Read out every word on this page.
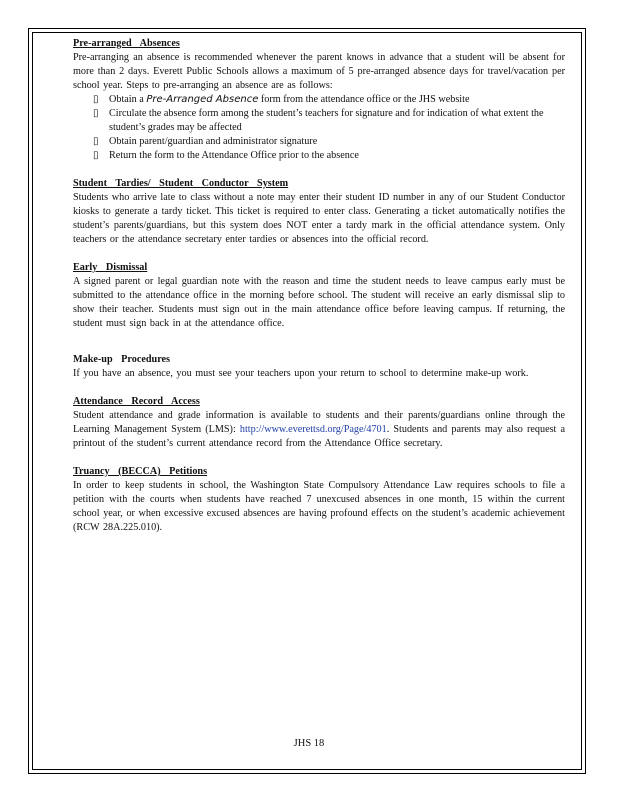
Pre-arranged Absences
Pre-arranging an absence is recommended whenever the parent knows in advance that a student will be absent for more than 2 days. Everett Public Schools allows a maximum of 5 pre-arranged absence days for travel/vacation per school year. Steps to pre-arranging an absence are as follows:
▯ Obtain a Pre-Arranged Absence form from the attendance office or the JHS website
▯ Circulate the absence form among the student’s teachers for signature and for indication of what extent the student’s grades may be affected
▯ Obtain parent/guardian and administrator signature
▯ Return the form to the Attendance Office prior to the absence
Student Tardies/ Student Conductor System
Students who arrive late to class without a note may enter their student ID number in any of our Student Conductor kiosks to generate a tardy ticket. This ticket is required to enter class. Generating a ticket automatically notifies the student’s parents/guardians, but this system does NOT enter a tardy mark in the official attendance system. Only teachers or the attendance secretary enter tardies or absences into the official record.
Early Dismissal
A signed parent or legal guardian note with the reason and time the student needs to leave campus early must be submitted to the attendance office in the morning before school. The student will receive an early dismissal slip to show their teacher. Students must sign out in the main attendance office before leaving campus. If returning, the student must sign back in at the attendance office.
Make-up Procedures
If you have an absence, you must see your teachers upon your return to school to determine make-up work.
Attendance Record Access
Student attendance and grade information is available to students and their parents/guardians online through the Learning Management System (LMS): http://www.everettsd.org/Page/4701. Students and parents may also request a printout of the student’s current attendance record from the Attendance Office secretary.
Truancy (BECCA) Petitions
In order to keep students in school, the Washington State Compulsory Attendance Law requires schools to file a petition with the courts when students have reached 7 unexcused absences in one month, 15 within the current school year, or when excessive excused absences are having profound effects on the student’s academic achievement (RCW 28A.225.010).
JHS 18
